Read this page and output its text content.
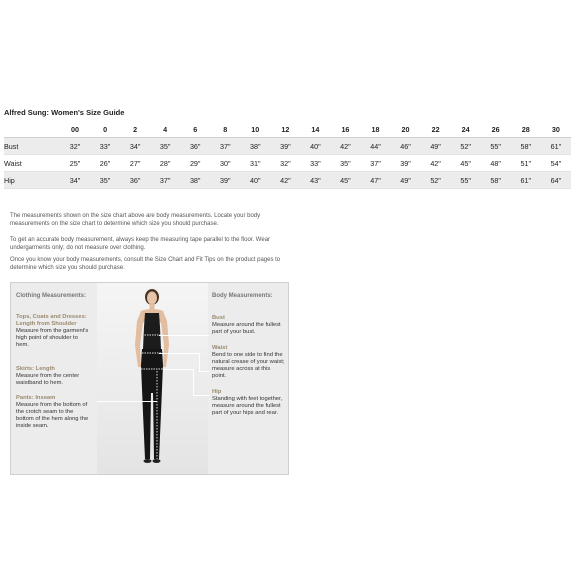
Alfred Sung: Women's Size Guide
	00	0	2	4	6	8	10	12	14	16	18	20	22	24	26	28	30
Bust	32"	33"	34"	35"	36"	37"	38"	39"	40"	42"	44"	46"	49"	52"	55"	58"	61"
Waist	25"	26"	27"	28"	29"	30"	31"	32"	33"	35"	37"	39"	42"	45"	48"	51"	54"
Hip	34"	35"	36"	37"	38"	39"	40"	42"	43"	45"	47"	49"	52"	55"	58"	61"	64"

The measurements shown on the size chart above are body measurements. Locate your body measurements on the size chart to determine which size you should purchase.

To get an accurate body measurement, always keep the measuring tape parallel to the floor. Wear undergarments only; do not measure over clothing.

Once you know your body measurements, consult the Size Chart and Fit Tips on the product pages to determine which size you should purchase.

Clothing Measurements:
Tops, Coats and Dresses: Length from Shoulder
Measure from the garment's high point of shoulder to hem.
Skirts: Length
Measure from the center waistband to hem.
Pants: Inseam
Measure from the bottom of the crotch seam to the bottom of the hem along the inside seam.
Body Measurements:
Bust
Measure around the fullest part of your bust.
Waist
Bend to one side to find the natural crease of your waist; measure across at this point.
Hip
Standing with feet together, measure around the fullest part of your hips and rear.
